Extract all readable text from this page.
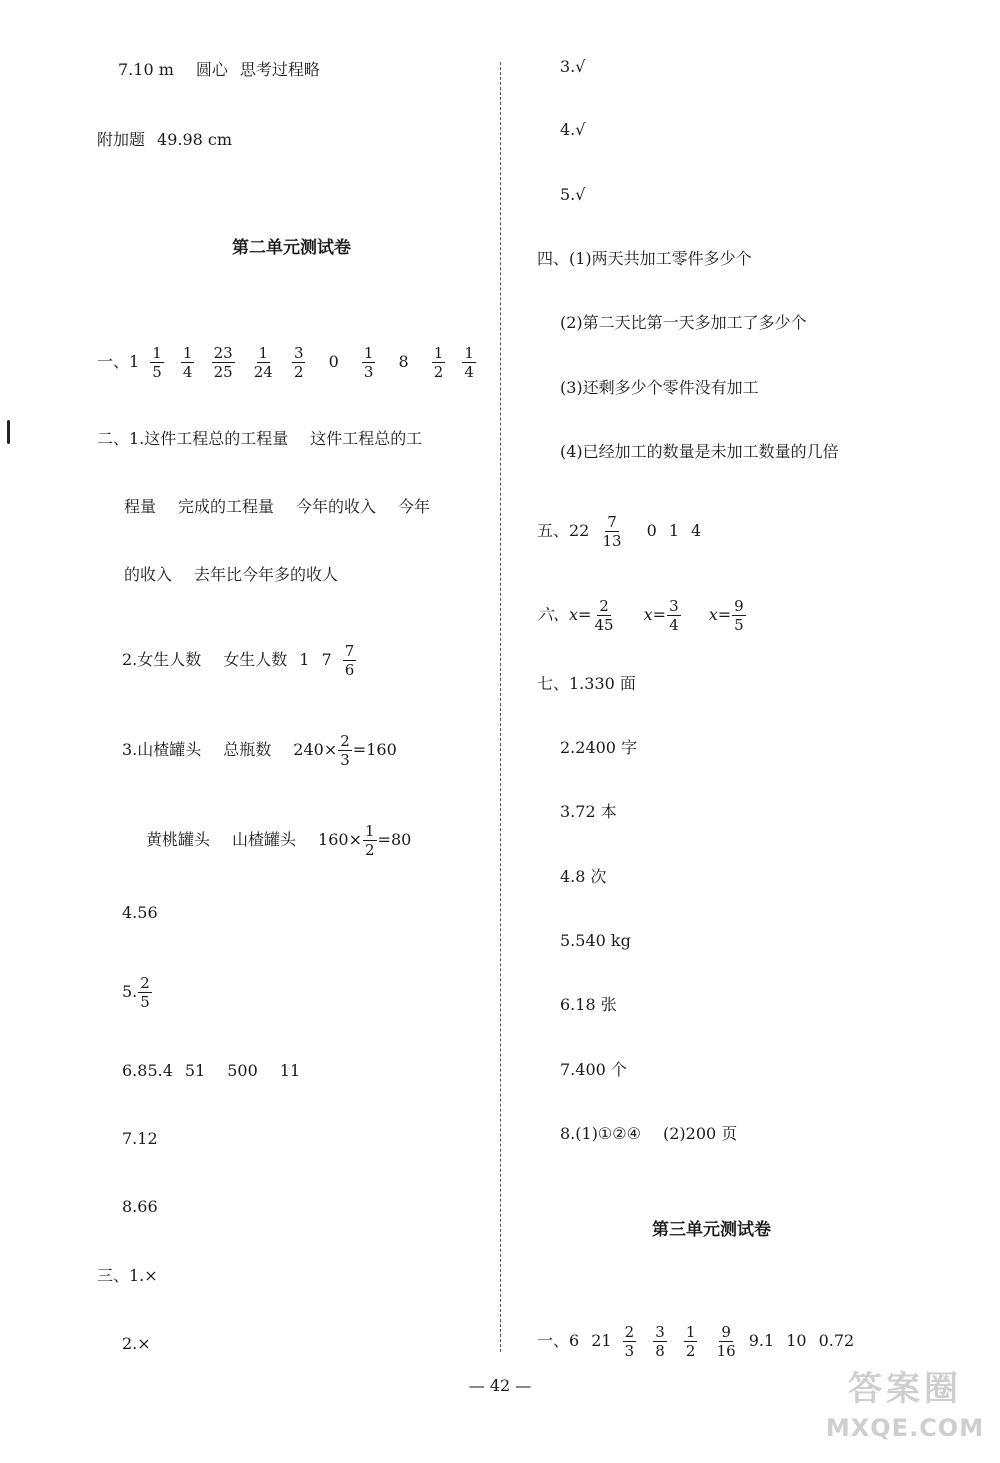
7.10 m 圆心 思考过程略
附加题 49.98 cm
第二单元测试卷
一、$1 \frac{1}{5}$
$\frac{1}{4}$
$\frac{23}{25}$
$\frac{1}{24}$
$\frac{3}{2} 0 \frac{1}{3} 8 \frac{1}{2}$
$\frac{1}{4}$
二、1.这件工程总的工程量 这件工程总的工
程量 完成的工程量 今年的收入 今年
的收入 去年比今年多的收人
2.女生人数 女生人数 1 $7 \frac{7}{6}$
3.山楂罐头 总瓶数 $240\times \frac{2}{3} =160$
黄桃罐头 山楂罐头 $160\times \frac{1}{2} =80$
4.56
5. $\frac{2}{5}$
6.85.4 51 500 11
7.12
8.66
三、1.×
2.×
3.√
4.√
5.√
四、(1)两天共加工零件多少个
(2)第二天比第一天多加工了多少个
(3)还剩多少个零件没有加工
(4)已经加工的数量是未加工数量的几倍
五、$22 \frac{7}{13} 0$ 1 4
六、$x= \frac{2}{45} x= \frac{3}{4} x= \frac{9}{5}$
七、1.330 面
2.2400 字
3.72 本
4.8 次
5.540 kg
6.18 张
7.400 个
8.(1)①②④ (2)200 页
第三单元测试卷
一、6 $21 \frac{2}{3}$
$\frac{3}{8}$
$\frac{1}{2}$
$\frac{9}{16} 9.1$ 10 0.72
— 42 —	答案圈
MXQE.COM
